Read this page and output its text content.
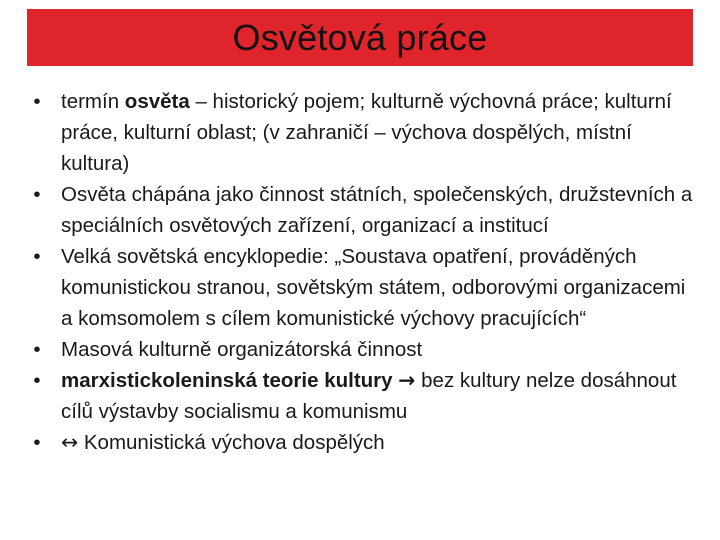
Osvětová práce
• termín osvěta – historický pojem; kulturně výchovná práce; kulturní práce, kulturní oblast; (v zahraničí – výchova dospělých, místní kultura)
• Osvěta chápána jako činnost státních, společenských, družstevních a speciálních osvětových zařízení, organizací a institucí
• Velká sovětská encyklopedie: „Soustava opatření, prováděných komunistickou stranou, sovětským státem, odborovými organizacemi a komsomolem s cílem komunistické výchovy pracujících“
• Masová kulturně organizátorská činnost
• marxistickoleninská teorie kultury → bez kultury nelze dosáhnout cílů výstavby socialismu a komunismu
• ↔ Komunistická výchova dospělých
